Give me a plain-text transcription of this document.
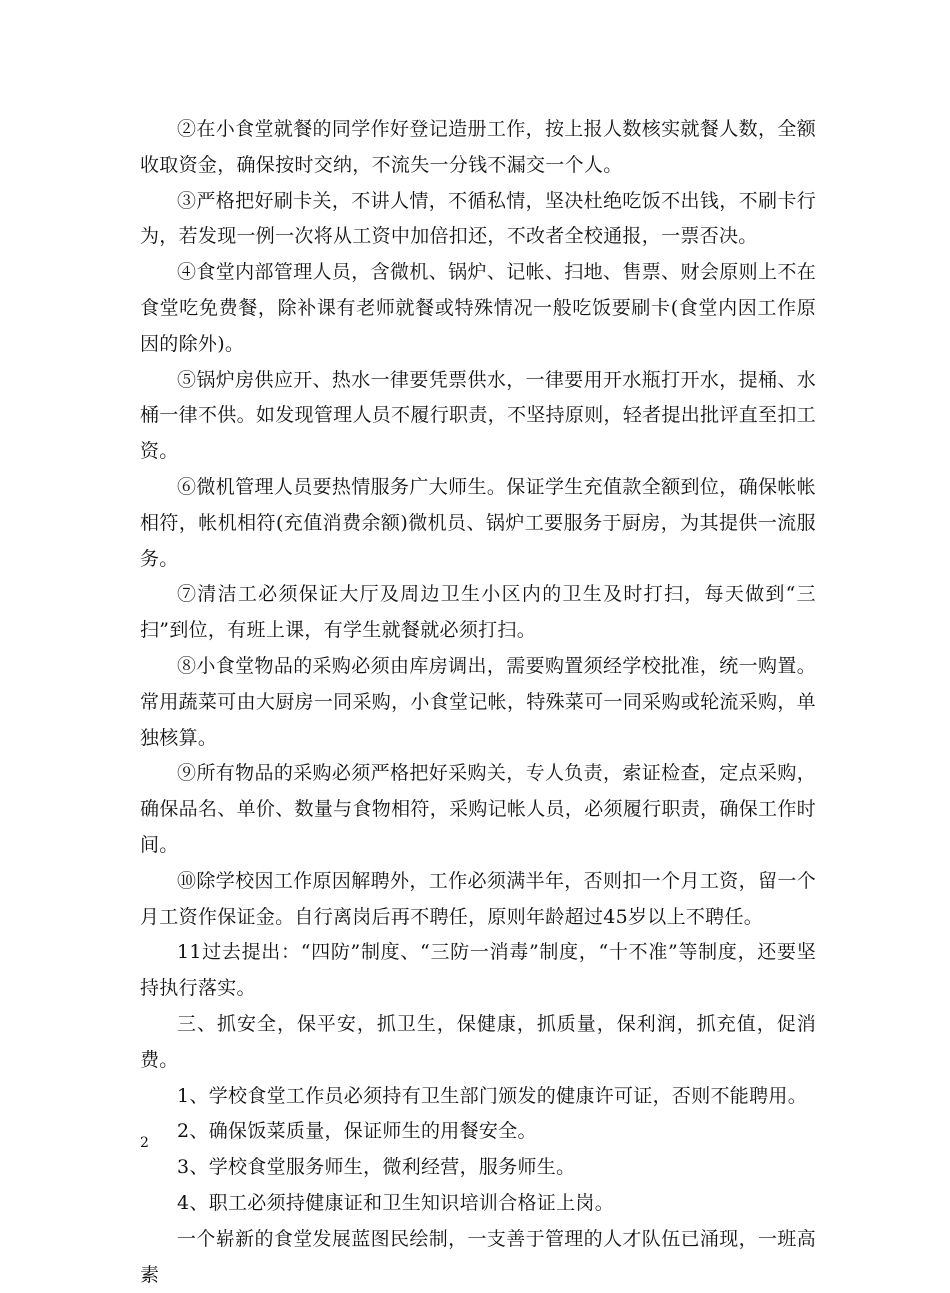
②在小食堂就餐的同学作好登记造册工作，按上报人数核实就餐人数，全额收取资金，确保按时交纳，不流失一分钱不漏交一个人。

③严格把好刷卡关，不讲人情，不循私情，坚决杜绝吃饭不出钱，不刷卡行为，若发现一例一次将从工资中加倍扣还，不改者全校通报，一票否决。

④食堂内部管理人员，含微机、锅炉、记帐、扫地、售票、财会原则上不在食堂吃免费餐，除补课有老师就餐或特殊情况一般吃饭要刷卡(食堂内因工作原因的除外)。

⑤锅炉房供应开、热水一律要凭票供水，一律要用开水瓶打开水，提桶、水桶一律不供。如发现管理人员不履行职责，不坚持原则，轻者提出批评直至扣工资。

⑥微机管理人员要热情服务广大师生。保证学生充值款全额到位，确保帐帐相符，帐机相符(充值消费余额)微机员、锅炉工要服务于厨房，为其提供一流服务。

⑦清洁工必须保证大厅及周边卫生小区内的卫生及时打扫，每天做到“三扫”到位，有班上课，有学生就餐就必须打扫。

⑧小食堂物品的采购必须由库房调出，需要购置须经学校批准，统一购置。常用蔬菜可由大厨房一同采购，小食堂记帐，特殊菜可一同采购或轮流采购，单独核算。

⑨所有物品的采购必须严格把好采购关，专人负责，索证检查，定点采购，确保品名、单价、数量与食物相符，采购记帐人员，必须履行职责，确保工作时间。

⑩除学校因工作原因解聘外，工作必须满半年，否则扣一个月工资，留一个月工资作保证金。自行离岗后再不聘任，原则年龄超过45岁以上不聘任。

11过去提出：“四防”制度、“三防一消毒”制度，“十不准”等制度，还要坚持执行落实。

三、抓安全，保平安，抓卫生，保健康，抓质量，保利润，抓充值，促消费。

1、学校食堂工作员必须持有卫生部门颁发的健康许可证，否则不能聘用。

2、确保饭菜质量，保证师生的用餐安全。

3、学校食堂服务师生，微利经营，服务师生。

4、职工必须持健康证和卫生知识培训合格证上岗。

一个崭新的食堂发展蓝图民绘制，一支善于管理的人才队伍已涌现，一班高素

2
